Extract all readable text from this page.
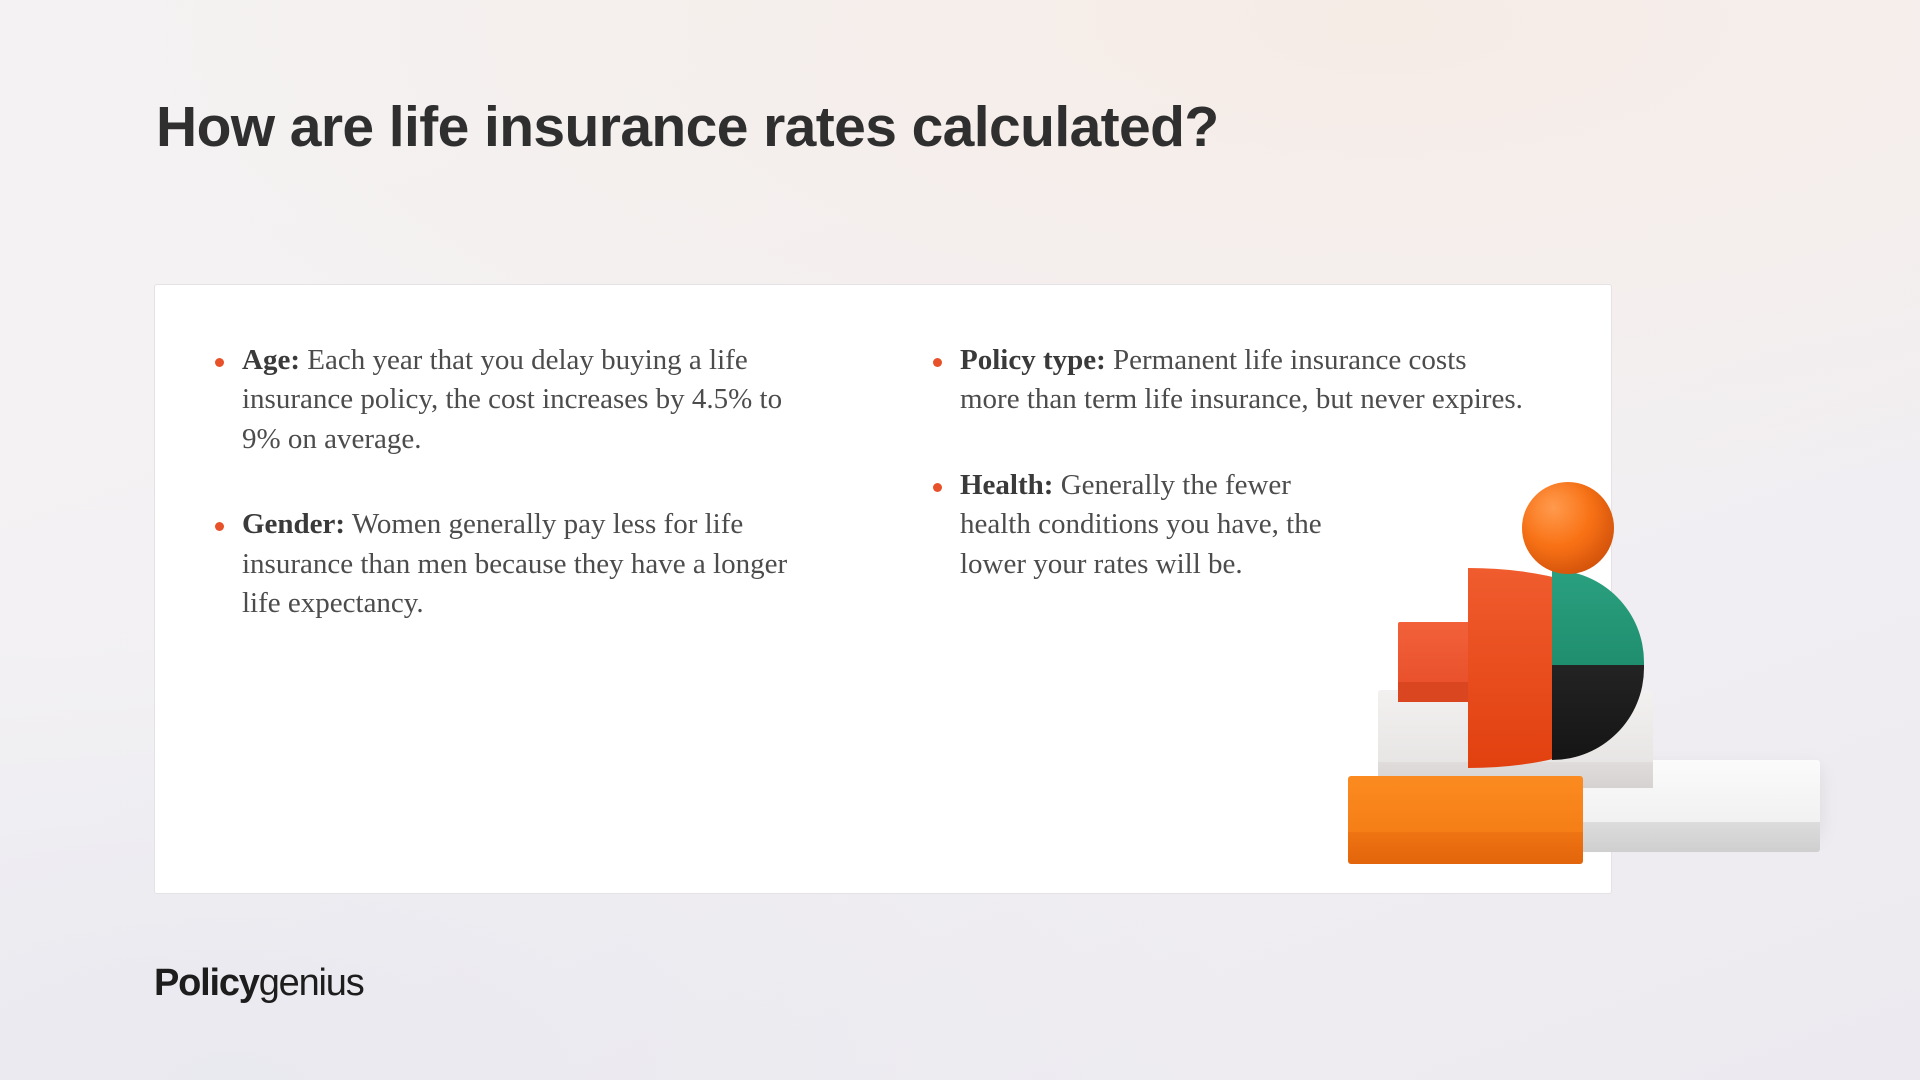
How are life insurance rates calculated?
Age: Each year that you delay buying a life insurance policy, the cost increases by 4.5% to 9% on average.
Gender: Women generally pay less for life insurance than men because they have a longer life expectancy.
Policy type: Permanent life insurance costs more than term life insurance, but never expires.
Health: Generally the fewer health conditions you have, the lower your rates will be.
Policygenius
